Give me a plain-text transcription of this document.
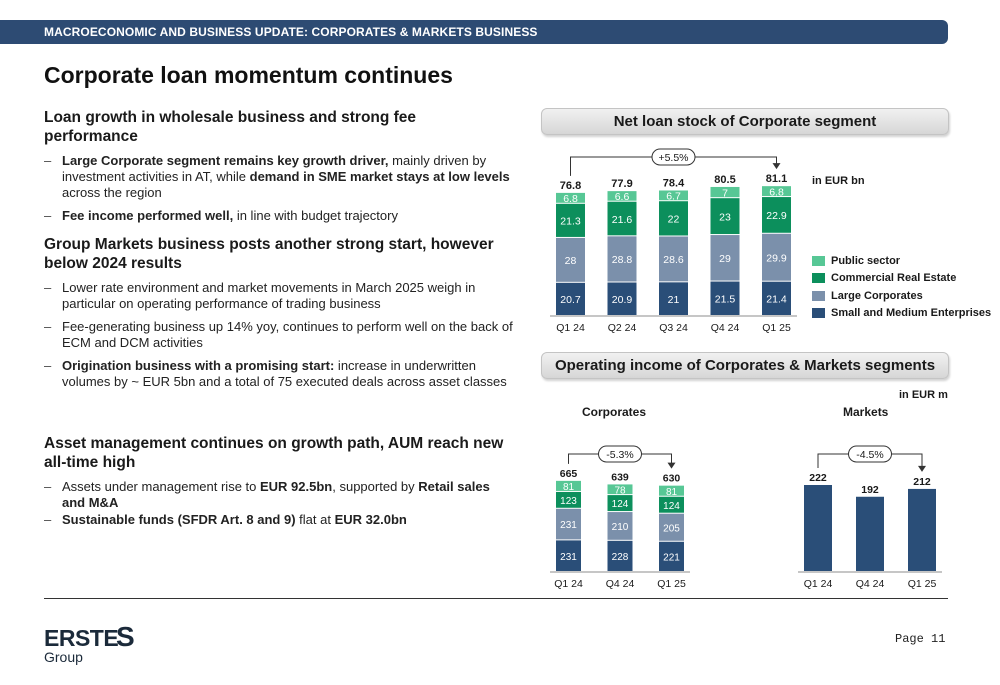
MACROECONOMIC AND BUSINESS UPDATE: CORPORATES & MARKETS BUSINESS
Corporate loan momentum continues

Loan growth in wholesale business and strong fee performance

– Large Corporate segment remains key growth driver, mainly driven by investment activities in AT, while demand in SME market stays at low levels across the region

– Fee income performed well, in line with budget trajectory

Group Markets business posts another strong start, however below 2024 results

– Lower rate environment and market movements in March 2025 weigh in particular on operating performance of trading business

– Fee-generating business up 14% yoy, continues to perform well on the back of ECM and DCM activities

– Origination business with a promising start: increase in underwritten volumes by ~ EUR 5bn and a total of 75 executed deals across asset classes

Asset management continues on growth path, AUM reach new all-time high

– Assets under management rise to EUR 92.5bn, supported by Retail sales and M&A

– Sustainable funds (SFDR Art. 8 and 9) flat at EUR 32.0bn

Net loan stock of Corporate segment
in EUR bn
20.7
28
21.3
6.8
76.8
Q1 24
20.9
28.8
21.6
6.6
77.9
Q2 24
21
28.6
22
6.7
78.4
Q3 24
21.5
29
23
7
80.5
Q4 24
21.4
29.9
22.9
6.8
81.1
Q1 25
+5.5%
Public sector
Commercial Real Estate
Large Corporates
Small and Medium Enterprises
Operating income of Corporates & Markets segments
in EUR m
Corporates	Markets
231
231
123
81
665
Q1 24
228
210
124
78
639
Q4 24
221
205
124
81
630
Q1 25
-5.3%
222
Q1 24
192
Q4 24
212
Q1 25
-4.5%
ERSTE
S
Group
Page 11
